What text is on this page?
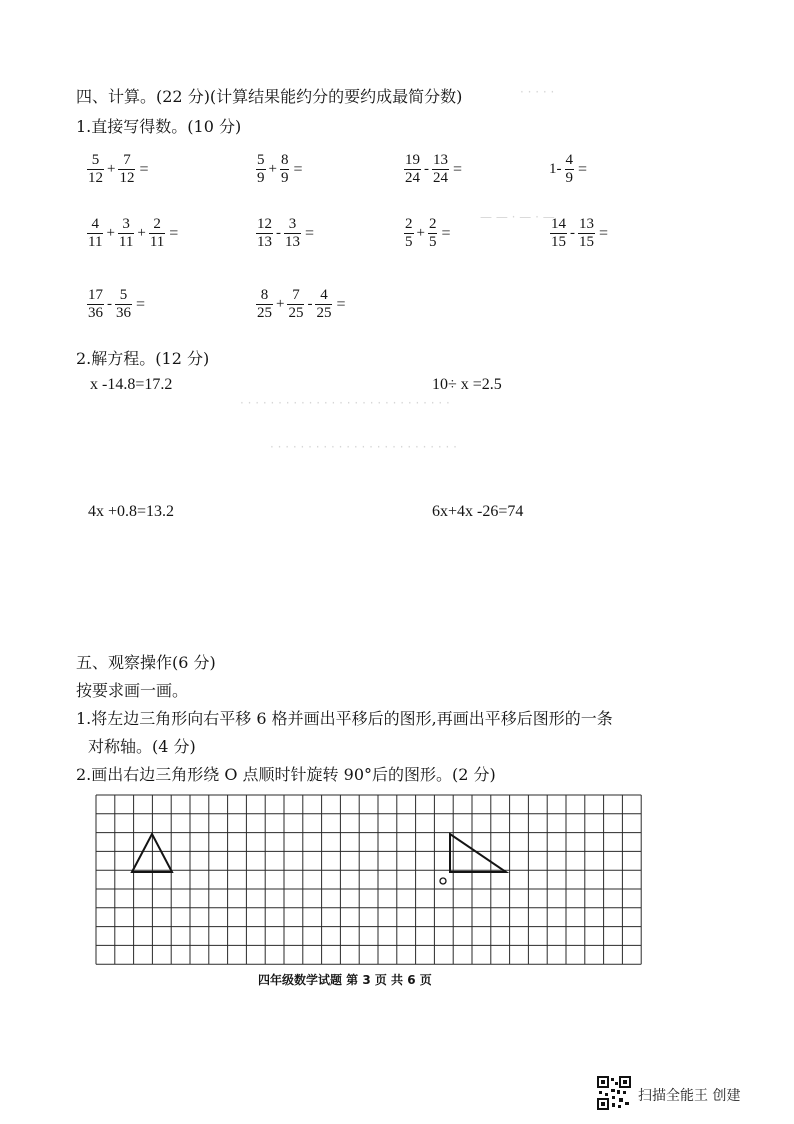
· · · · ·
— — · — · —
· · · · · · · · · · · · · · · · · · · · · · · · · · · ·
· · · · · · · · · · · · · · · · · · · · · · · · ·
四、计算。(22 分)(计算结果能约分的要约成最简分数)
1.直接写得数。(10 分)
$\frac{5}{12} + \frac{7}{12}$ =	$\frac{5}{9} + \frac{8}{9}$ =	$\frac{19}{24} - \frac{13}{24}$ =	$1- \frac{4}{9}$ =
$\frac{4}{11} + \frac{3}{11} + \frac{2}{11}$ =	$\frac{12}{13} - \frac{3}{13}$ =	$\frac{2}{5} + \frac{2}{5}$ =	$\frac{14}{15} - \frac{13}{15}$ =
$\frac{17}{36} - \frac{5}{36}$ =	$\frac{8}{25} + \frac{7}{25} - \frac{4}{25}$ =
2.解方程。(12 分)
x -14.8=17.2	10÷ x =2.5
4x +0.8=13.2	6x+4x -26=74
五、观察操作(6 分)
按要求画一画。
1.将左边三角形向右平移 6 格并画出平移后的图形,再画出平移后图形的一条
对称轴。(4 分)
2.画出右边三角形绕 O 点顺时针旋转 90°后的图形。(2 分)
四年级数学试题 第 3 页 共 6 页
扫描全能王 创建
